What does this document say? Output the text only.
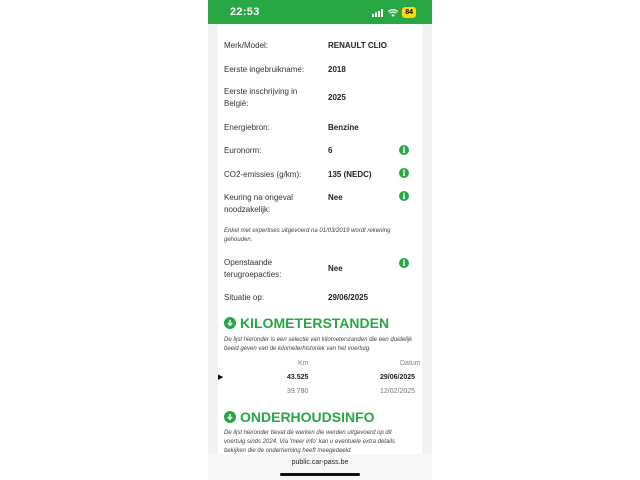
22:53	84
Merk/Model:	RENAULT CLIO
Eerste ingebruikname:	2018
Eerste inschrijving in België:
2025
Energiebron:	Benzine
Euronorm:	6	i
CO2-emissies (g/km):	135 (NEDC)	i
Keuring na ongeval noodzakelijk:
Nee	i
Enkel met expertises uitgevoerd na 01/03/2019 wordt rekening gehouden.
Openstaande terugroepacties:
Nee
i
Situatie op:	29/06/2025
KILOMETERSTANDEN
De lijst hieronder is een selectie van kilometerstanden die een duidelijk beeld geven van de kilometerhistoriek van het voertuig.
Km	Datum
▶	43.525	29/06/2025
39.780	12/02/2025
ONDERHOUDSINFO
De lijst hieronder bevat de werken die werden uitgevoerd op dit voertuig sinds 2024. Via 'meer info' kan u eventuele extra details bekijken die de onderneming heeft meegedeeld.
public.car-pass.be
